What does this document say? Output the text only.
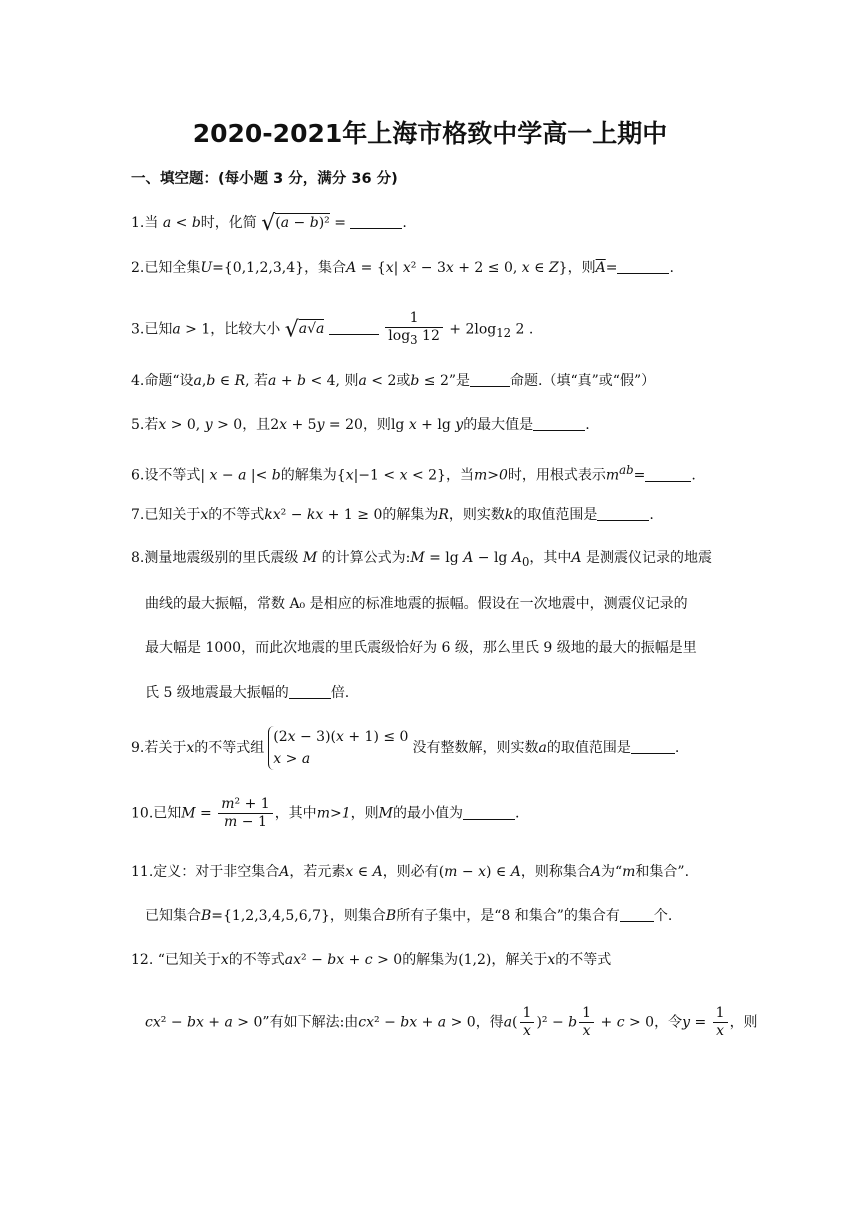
2020-2021年上海市格致中学高一上期中
一、填空题：(每小题 3 分，满分 36 分)
1.当 a < b时，化简 √(a − b)² =	.
2.已知全集U={0,1,2,3,4}，集合A = {x| x² − 3x + 2 ≤ 0, x ∈ Z}，则$\overline{A}=$	.
3.已知a > 1，比较大小 √a√a	$\frac{1}{\log_3 12} + 2\log_{12}$ 2 .
4.命题“设a,b ∈ R, 若a + b < 4, 则a < 2或b ≤ 2”是	命题.（填“真”或“假”）
5.若x > 0, y > 0，且2x + 5y = 20，则lg x + lg y的最大值是	.
6.设不等式| x − a |< b的解集为{x|−1 < x < 2}，当m>0时，用根式表示$m^{ab}=$	.
7.已知关于x的不等式kx² − kx + 1 ≥ 0的解集为R，则实数k的取值范围是	.
8.测量地震级别的里氏震级 M 的计算公式为:M = $\lg A - \lg A_0$，其中A 是测震仪记录的地震
曲线的最大振幅，常数 A₀ 是相应的标准地震的振幅。假设在一次地震中，测震仪记录的
最大幅是 1000，而此次地震的里氏震级恰好为 6 级，那么里氏 9 级地的最大的振幅是里
氏 5 级地震最大振幅的	倍.
9.若关于x的不等式组
(2x − 3)(x + 1) ≤ 0
x > a
没有整数解，则实数a的取值范围是	.
10.已知$M = \frac{\text{m² + 1}}{m - 1}$ ，其中m>1，则M的最小值为	.
11.定义：对于非空集合A，若元素x ∈ A，则必有(m − x) ∈ A，则称集合A为“m和集合”.
已知集合B={1,2,3,4,5,6,7}，则集合B所有子集中，是“8 和集合”的集合有 个.
12. “已知关于x的不等式ax² − bx + c > 0的解集为(1,2)，解关于x的不等式
cx² − bx + a > 0”有如下解法:由cx² − bx + a > 0，得$a( \frac{1}{x} )^2 - b \frac{1}{x} + c > 0$，令$y = \frac{1}{x}$ ，则
